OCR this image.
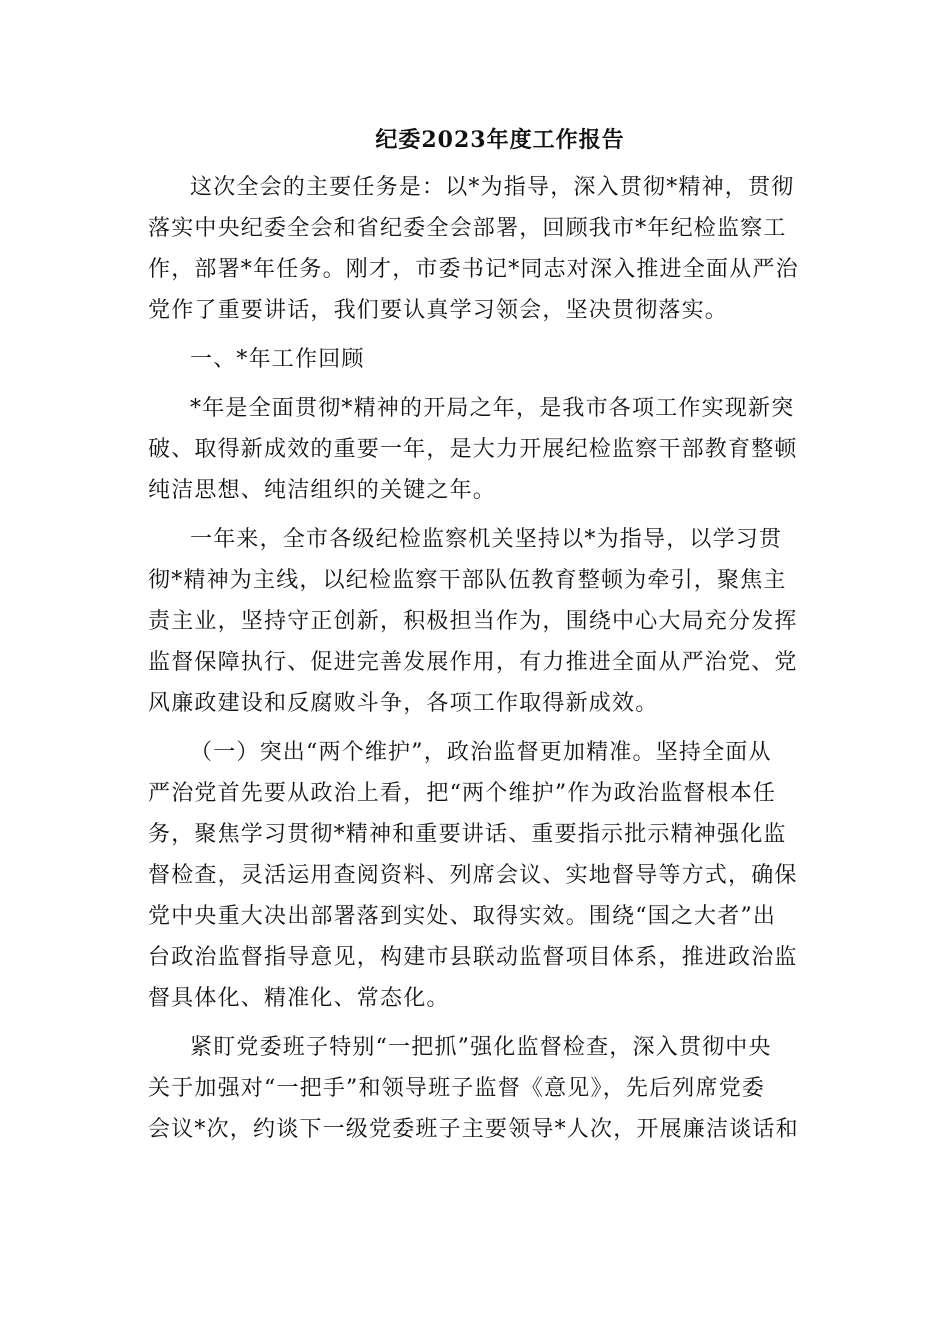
纪委2023年度工作报告
这次全会的主要任务是：以*为指导，深入贯彻*精神，贯彻
落实中央纪委全会和省纪委全会部署，回顾我市*年纪检监察工
作，部署*年任务。刚才，市委书记*同志对深入推进全面从严治
党作了重要讲话，我们要认真学习领会，坚决贯彻落实。
一、*年工作回顾
*年是全面贯彻*精神的开局之年，是我市各项工作实现新突
破、取得新成效的重要一年，是大力开展纪检监察干部教育整顿
纯洁思想、纯洁组织的关键之年。
一年来，全市各级纪检监察机关坚持以*为指导，以学习贯
彻*精神为主线，以纪检监察干部队伍教育整顿为牵引，聚焦主
责主业，坚持守正创新，积极担当作为，围绕中心大局充分发挥
监督保障执行、促进完善发展作用，有力推进全面从严治党、党
风廉政建设和反腐败斗争，各项工作取得新成效。
（一）突出“两个维护”，政治监督更加精准。坚持全面从
严治党首先要从政治上看，把“两个维护”作为政治监督根本任
务，聚焦学习贯彻*精神和重要讲话、重要指示批示精神强化监
督检查，灵活运用查阅资料、列席会议、实地督导等方式，确保
党中央重大决出部署落到实处、取得实效。围绕“国之大者”出
台政治监督指导意见，构建市县联动监督项目体系，推进政治监
督具体化、精准化、常态化。
紧盯党委班子特别“一把抓”强化监督检查，深入贯彻中央
关于加强对“一把手”和领导班子监督《意见》，先后列席党委
会议*次，约谈下一级党委班子主要领导*人次，开展廉洁谈话和
